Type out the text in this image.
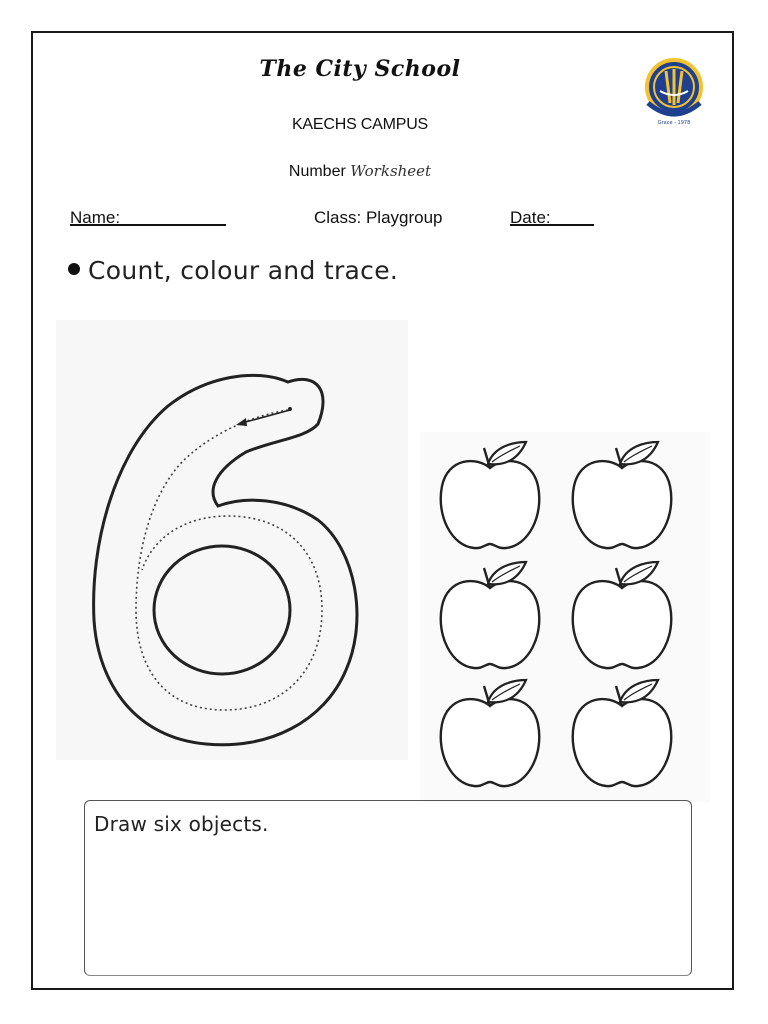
The City School
KAECHS CAMPUS
Number Worksheet
Grace - 1978
Name:	Class: Playgroup	Date:
Count, colour and trace.
Draw six objects.
